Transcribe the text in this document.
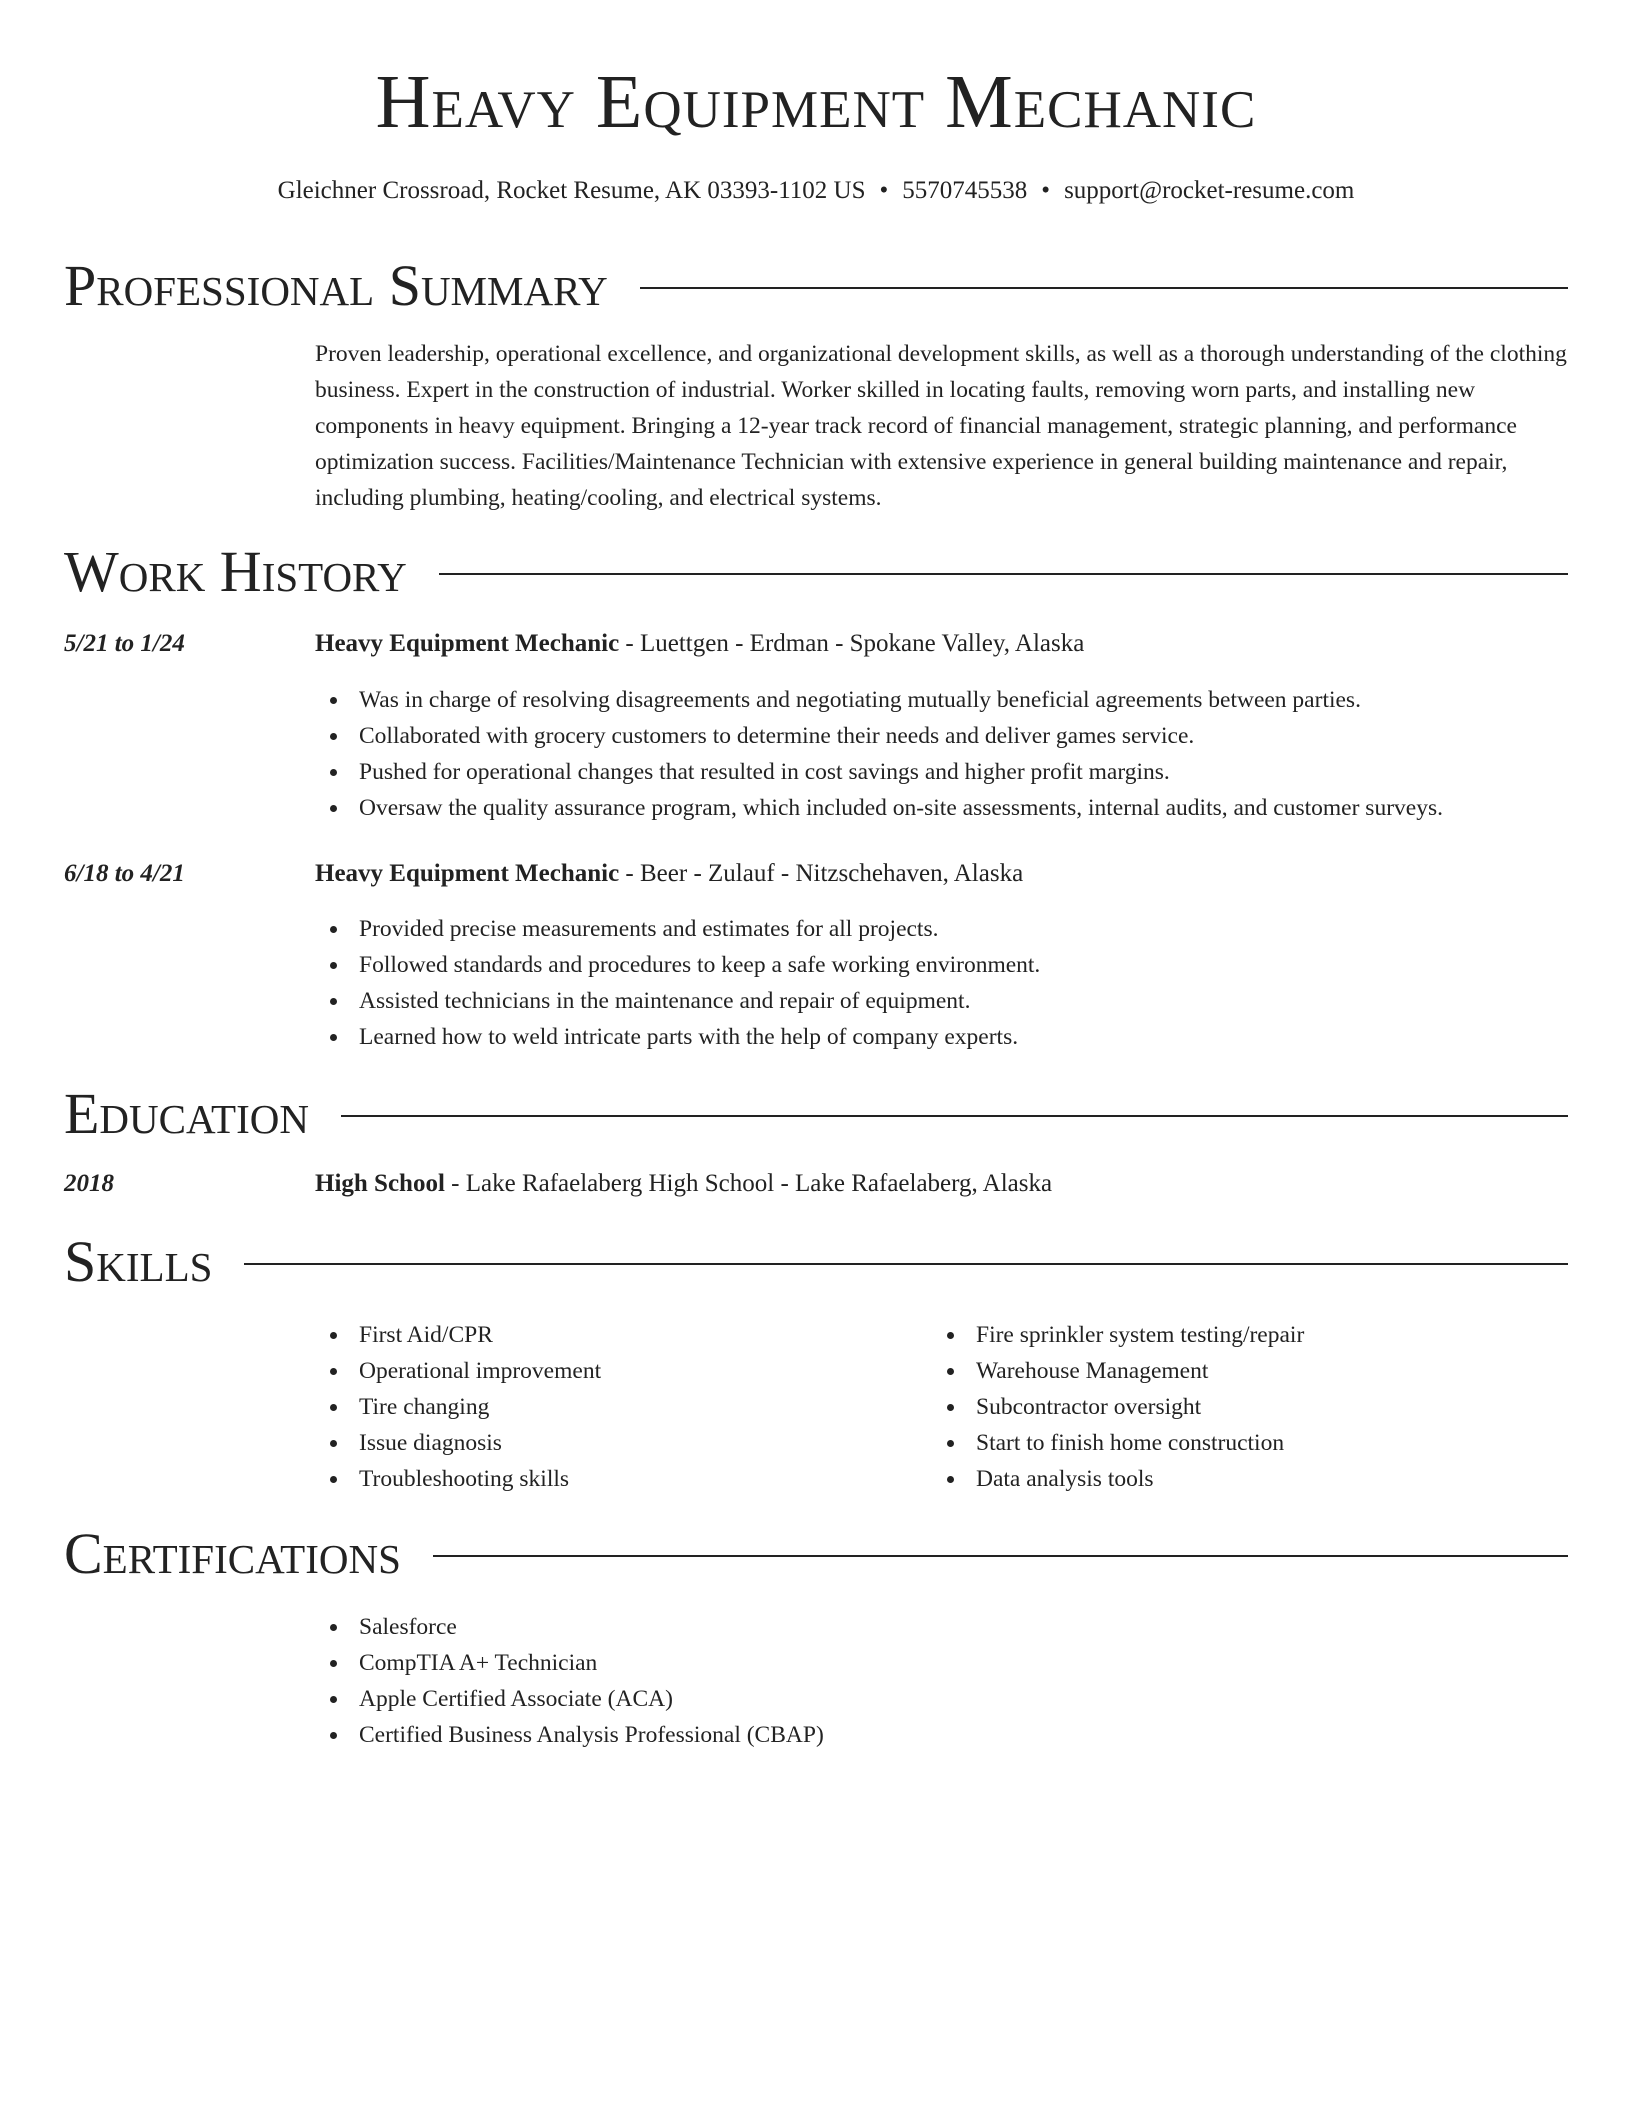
Heavy Equipment Mechanic
Gleichner Crossroad, Rocket Resume, AK 03393-1102 US • 5570745538 • support@rocket-resume.com
Professional Summary

Proven leadership, operational excellence, and organizational development skills, as well as a thorough understanding of the clothing business. Expert in the construction of industrial. Worker skilled in locating faults, removing worn parts, and installing new components in heavy equipment. Bringing a 12-year track record of financial management, strategic planning, and performance optimization success. Facilities/Maintenance Technician with extensive experience in general building maintenance and repair, including plumbing, heating/cooling, and electrical systems.

Work History
5/21 to 1/24	Heavy Equipment Mechanic - Luettgen - Erdman - Spokane Valley, Alaska
Was in charge of resolving disagreements and negotiating mutually beneficial agreements between parties.
Collaborated with grocery customers to determine their needs and deliver games service.
Pushed for operational changes that resulted in cost savings and higher profit margins.
Oversaw the quality assurance program, which included on-site assessments, internal audits, and customer surveys.
6/18 to 4/21	Heavy Equipment Mechanic - Beer - Zulauf - Nitzschehaven, Alaska
Provided precise measurements and estimates for all projects.
Followed standards and procedures to keep a safe working environment.
Assisted technicians in the maintenance and repair of equipment.
Learned how to weld intricate parts with the help of company experts.
Education
2018	High School - Lake Rafaelaberg High School - Lake Rafaelaberg, Alaska
Skills
First Aid/CPR
Operational improvement
Tire changing
Issue diagnosis
Troubleshooting skills
Fire sprinkler system testing/repair
Warehouse Management
Subcontractor oversight
Start to finish home construction
Data analysis tools
Certifications
Salesforce
CompTIA A+ Technician
Apple Certified Associate (ACA)
Certified Business Analysis Professional (CBAP)
